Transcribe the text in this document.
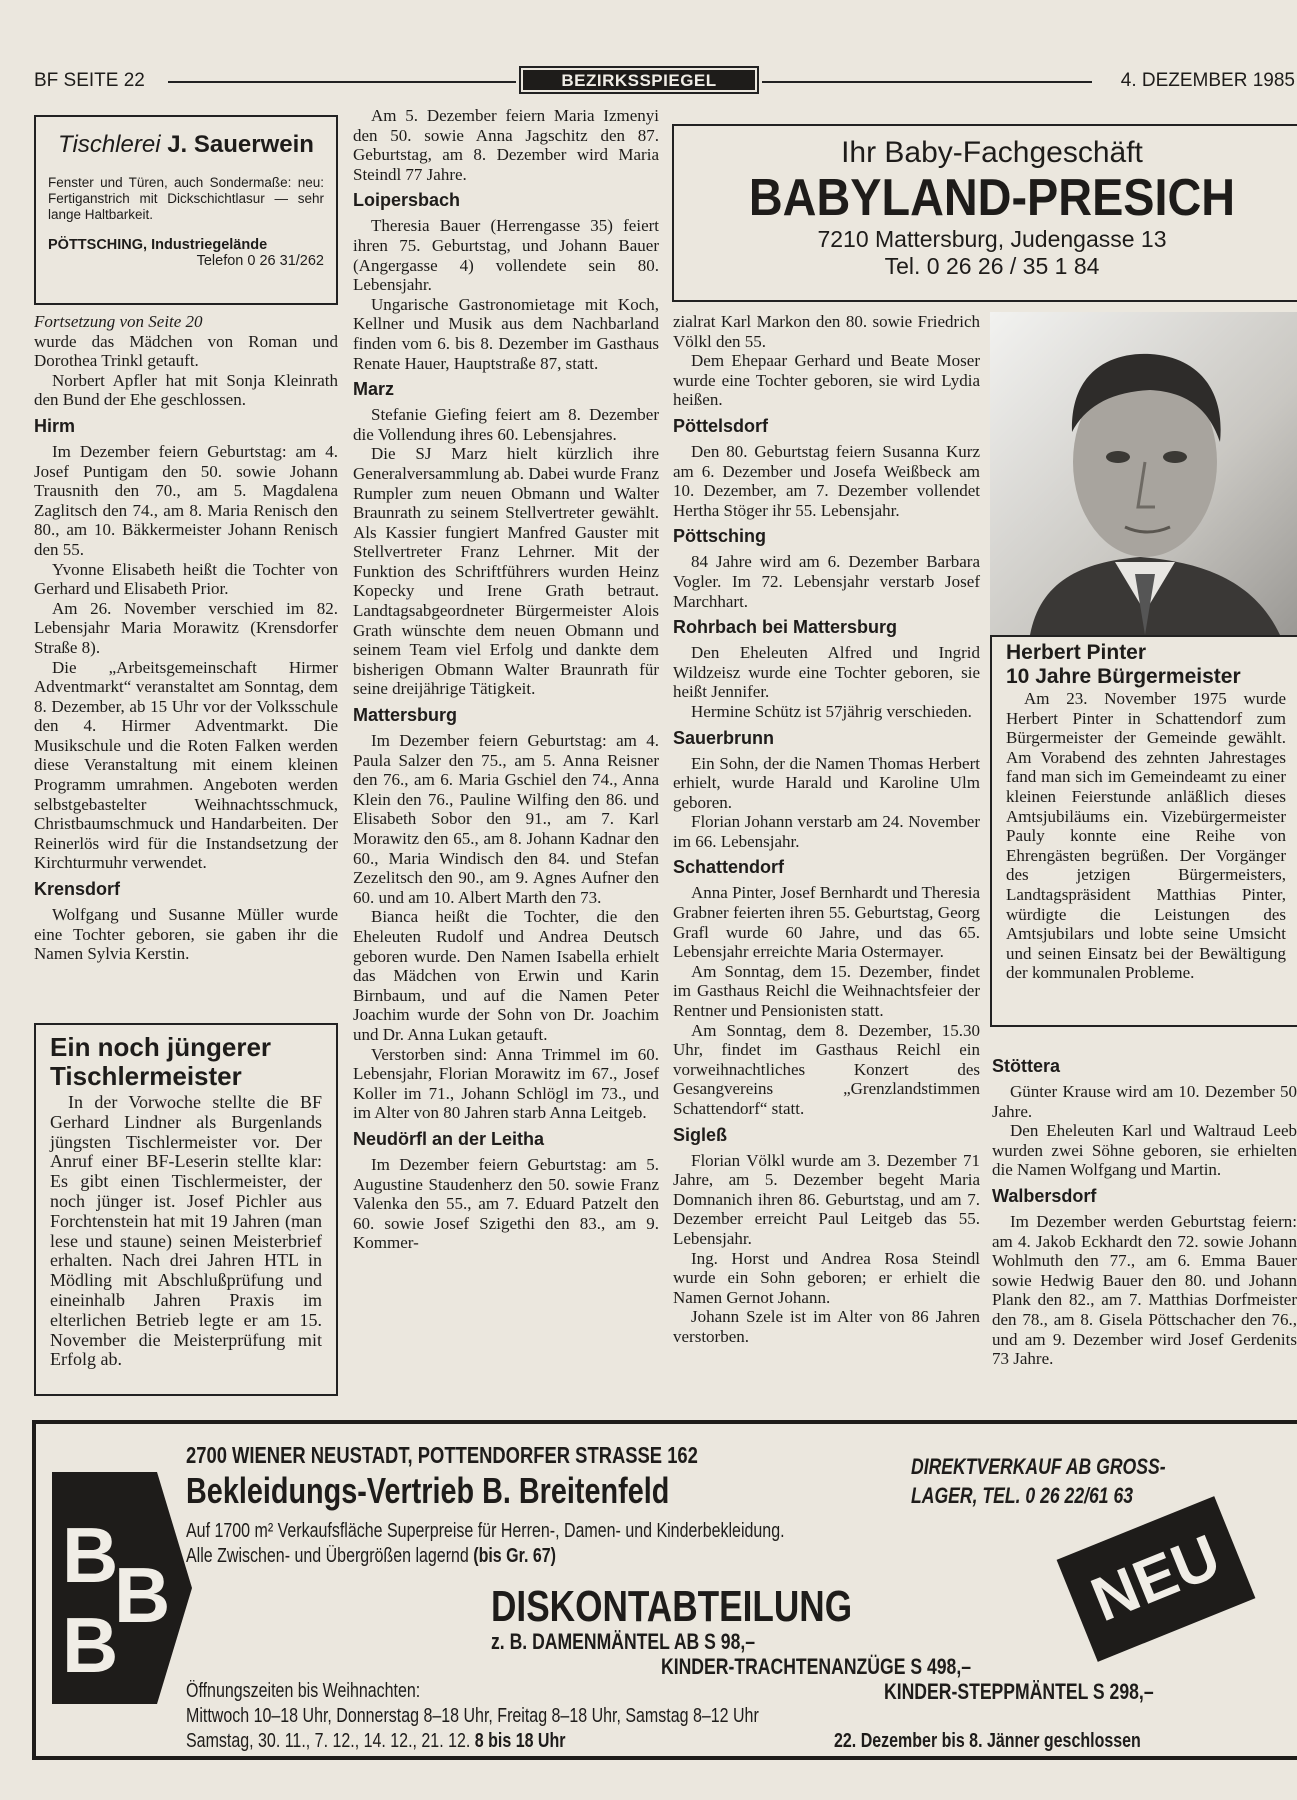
BF SEITE 22	BEZIRKSSPIEGEL	4. DEZEMBER 1985
Tischlerei J. Sauerwein
Fenster und Türen, auch Sondermaße: neu: Fertiganstrich mit Dickschichtlasur — sehr lange Haltbarkeit.
PÖTTSCHING, Industriegelände
Telefon 0 26 31/262

Fortsetzung von Seite 20

wurde das Mädchen von Roman und Dorothea Trinkl getauft.

Norbert Apfler hat mit Sonja Kleinrath den Bund der Ehe geschlossen.

Hirm

Im Dezember feiern Geburtstag: am 4. Josef Puntigam den 50. sowie Johann Trausnith den 70., am 5. Magdalena Zaglitsch den 74., am 8. Maria Renisch den 80., am 10. Bäkkermeister Johann Renisch den 55.

Yvonne Elisabeth heißt die Tochter von Gerhard und Elisabeth Prior.

Am 26. November verschied im 82. Lebensjahr Maria Morawitz (Krensdorfer Straße 8).

Die „Arbeitsgemeinschaft Hirmer Adventmarkt“ veranstaltet am Sonntag, dem 8. Dezember, ab 15 Uhr vor der Volksschule den 4. Hirmer Adventmarkt. Die Musikschule und die Roten Falken werden diese Veranstaltung mit einem kleinen Programm umrahmen. Angeboten werden selbstgebastelter Weihnachtsschmuck, Christbaumschmuck und Handarbeiten. Der Reinerlös wird für die Instandsetzung der Kirchturmuhr verwendet.

Krensdorf

Wolfgang und Susanne Müller wurde eine Tochter geboren, sie gaben ihr die Namen Sylvia Kerstin.

Am 5. Dezember feiern Maria Izmenyi den 50. sowie Anna Jagschitz den 87. Geburtstag, am 8. Dezember wird Maria Steindl 77 Jahre.

Loipersbach

Theresia Bauer (Herrengasse 35) feiert ihren 75. Geburtstag, und Johann Bauer (Angergasse 4) vollendete sein 80. Lebensjahr.

Ungarische Gastronomietage mit Koch, Kellner und Musik aus dem Nachbarland finden vom 6. bis 8. Dezember im Gasthaus Renate Hauer, Hauptstraße 87, statt.

Marz

Stefanie Giefing feiert am 8. Dezember die Vollendung ihres 60. Lebensjahres.

Die SJ Marz hielt kürzlich ihre Generalversammlung ab. Dabei wurde Franz Rumpler zum neuen Obmann und Walter Braunrath zu seinem Stellvertreter gewählt. Als Kassier fungiert Manfred Gauster mit Stellvertreter Franz Lehrner. Mit der Funktion des Schriftführers wurden Heinz Kopecky und Irene Grath betraut. Landtagsabgeordneter Bürgermeister Alois Grath wünschte dem neuen Obmann und seinem Team viel Erfolg und dankte dem bisherigen Obmann Walter Braunrath für seine dreijährige Tätigkeit.

Mattersburg

Im Dezember feiern Geburtstag: am 4. Paula Salzer den 75., am 5. Anna Reisner den 76., am 6. Maria Gschiel den 74., Anna Klein den 76., Pauline Wilfing den 86. und Elisabeth Sobor den 91., am 7. Karl Morawitz den 65., am 8. Johann Kadnar den 60., Maria Windisch den 84. und Stefan Zezelitsch den 90., am 9. Agnes Aufner den 60. und am 10. Albert Marth den 73.

Bianca heißt die Tochter, die den Eheleuten Rudolf und Andrea Deutsch geboren wurde. Den Namen Isabella erhielt das Mädchen von Erwin und Karin Birnbaum, und auf die Namen Peter Joachim wurde der Sohn von Dr. Joachim und Dr. Anna Lukan getauft.

Verstorben sind: Anna Trimmel im 60. Lebensjahr, Florian Morawitz im 67., Josef Koller im 71., Johann Schlögl im 73., und im Alter von 80 Jahren starb Anna Leitgeb.

Neudörfl an der Leitha

Im Dezember feiern Geburtstag: am 5. Augustine Staudenherz den 50. sowie Franz Valenka den 55., am 7. Eduard Patzelt den 60. sowie Josef Szigethi den 83., am 9. Kommer-

zialrat Karl Markon den 80. sowie Friedrich Völkl den 55.

Dem Ehepaar Gerhard und Beate Moser wurde eine Tochter geboren, sie wird Lydia heißen.

Pöttelsdorf

Den 80. Geburtstag feiern Susanna Kurz am 6. Dezember und Josefa Weißbeck am 10. Dezember, am 7. Dezember vollendet Hertha Stöger ihr 55. Lebensjahr.

Pöttsching

84 Jahre wird am 6. Dezember Barbara Vogler. Im 72. Lebensjahr verstarb Josef Marchhart.

Rohrbach bei Mattersburg

Den Eheleuten Alfred und Ingrid Wildzeisz wurde eine Tochter geboren, sie heißt Jennifer.

Hermine Schütz ist 57jährig verschieden.

Sauerbrunn

Ein Sohn, der die Namen Thomas Herbert erhielt, wurde Harald und Karoline Ulm geboren.

Florian Johann verstarb am 24. November im 66. Lebensjahr.

Schattendorf

Anna Pinter, Josef Bernhardt und Theresia Grabner feierten ihren 55. Geburtstag, Georg Grafl wurde 60 Jahre, und das 65. Lebensjahr erreichte Maria Ostermayer.

Am Sonntag, dem 15. Dezember, findet im Gasthaus Reichl die Weihnachtsfeier der Rentner und Pensionisten statt.

Am Sonntag, dem 8. Dezember, 15.30 Uhr, findet im Gasthaus Reichl ein vorweihnachtliches Konzert des Gesangvereins „Grenzlandstimmen Schattendorf“ statt.

Sigleß

Florian Völkl wurde am 3. Dezember 71 Jahre, am 5. Dezember begeht Maria Domnanich ihren 86. Geburtstag, und am 7. Dezember erreicht Paul Leitgeb das 55. Lebensjahr.

Ing. Horst und Andrea Rosa Steindl wurde ein Sohn geboren; er erhielt die Namen Gernot Johann.

Johann Szele ist im Alter von 86 Jahren verstorben.

Stöttera

Günter Krause wird am 10. Dezember 50 Jahre.

Den Eheleuten Karl und Waltraud Leeb wurden zwei Söhne geboren, sie erhielten die Namen Wolfgang und Martin.

Walbersdorf

Im Dezember werden Geburtstag feiern: am 4. Jakob Eckhardt den 72. sowie Johann Wohlmuth den 77., am 6. Emma Bauer sowie Hedwig Bauer den 80. und Johann Plank den 82., am 7. Matthias Dorfmeister den 78., am 8. Gisela Pöttschacher den 76., und am 9. Dezember wird Josef Gerdenits 73 Jahre.

Ein noch jüngerer Tischlermeister

In der Vorwoche stellte die BF Gerhard Lindner als Burgenlands jüngsten Tischlermeister vor. Der Anruf einer BF-Leserin stellte klar: Es gibt einen Tischlermeister, der noch jünger ist. Josef Pichler aus Forchtenstein hat mit 19 Jahren (man lese und staune) seinen Meisterbrief erhalten. Nach drei Jahren HTL in Mödling mit Abschlußprüfung und eineinhalb Jahren Praxis im elterlichen Betrieb legte er am 15. November die Meisterprüfung mit Erfolg ab.

Ihr Baby-Fachgeschäft
BABYLAND-PRESICH
7210 Mattersburg, Judengasse 13
Tel. 0 26 26 / 35 1 84
Herbert Pinter
10 Jahre Bürgermeister

Am 23. November 1975 wurde Herbert Pinter in Schattendorf zum Bürgermeister der Gemeinde gewählt. Am Vorabend des zehnten Jahrestages fand man sich im Gemeindeamt zu einer kleinen Feierstunde anläßlich dieses Amtsjubiläums ein. Vizebürgermeister Pauly konnte eine Reihe von Ehrengästen begrüßen. Der Vorgänger des jetzigen Bürgermeisters, Landtagspräsident Matthias Pinter, würdigte die Leistungen des Amtsjubilars und lobte seine Umsicht und seinen Einsatz bei der Bewältigung der kommunalen Probleme.

B
B
B
2700 WIENER NEUSTADT, POTTENDORFER STRASSE 162
Bekleidungs-Vertrieb B. Breitenfeld
Auf 1700 m² Verkaufsfläche Superpreise für Herren-, Damen- und Kinderbekleidung.
Alle Zwischen- und Übergrößen lagernd (bis Gr. 67)
DIREKTVERKAUF AB GROSS-
LAGER, TEL. 0 26 22/61 63
NEU
DISKONTABTEILUNG
z. B. DAMENMÄNTEL AB S 98,–
KINDER-TRACHTENANZÜGE S 498,–
KINDER-STEPPMÄNTEL S 298,–
Öffnungszeiten bis Weihnachten:
Mittwoch 10–18 Uhr, Donnerstag 8–18 Uhr, Freitag 8–18 Uhr, Samstag 8–12 Uhr
Samstag, 30. 11., 7. 12., 14. 12., 21. 12. 8 bis 18 Uhr	22. Dezember bis 8. Jänner geschlossen
